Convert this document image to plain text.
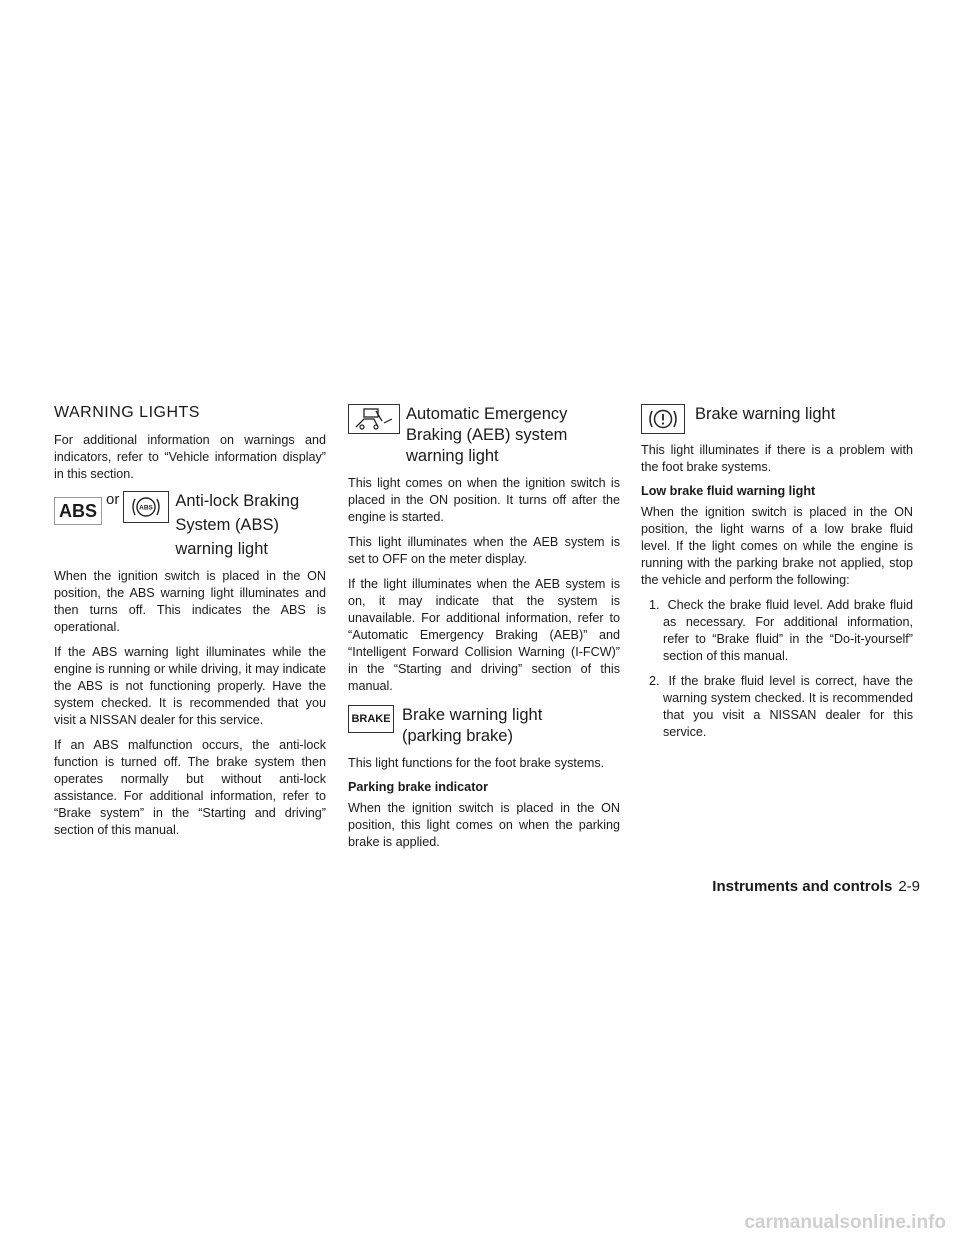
WARNING LIGHTS

For additional information on warnings and indicators, refer to “Vehicle information display” in this section.

ABS
or	ABS Anti-lock Braking
System (ABS)
warning light

When the ignition switch is placed in the ON position, the ABS warning light illuminates and then turns off. This indicates the ABS is operational.

If the ABS warning light illuminates while the engine is running or while driving, it may indicate the ABS is not functioning properly. Have the system checked. It is recommended that you visit a NISSAN dealer for this service.

If an ABS malfunction occurs, the anti-lock function is turned off. The brake system then operates normally but without anti-lock assistance. For additional information, refer to “Brake system” in the “Starting and driving” section of this manual.

Automatic Emergency
Braking (AEB) system
warning light

This light comes on when the ignition switch is placed in the ON position. It turns off after the engine is started.

This light illuminates when the AEB system is set to OFF on the meter display.

If the light illuminates when the AEB system is on, it may indicate that the system is unavailable. For additional information, refer to “Automatic Emergency Braking (AEB)” and “Intelligent Forward Collision Warning (I-FCW)” in the “Starting and driving” section of this manual.

BRAKE Brake warning light
(parking brake)

This light functions for the foot brake systems.

Parking brake indicator

When the ignition switch is placed in the ON position, this light comes on when the parking brake is applied.

Brake warning light

This light illuminates if there is a problem with the foot brake systems.

Low brake fluid warning light

When the ignition switch is placed in the ON position, the light warns of a low brake fluid level. If the light comes on while the engine is running with the parking brake not applied, stop the vehicle and perform the following:

1. Check the brake fluid level. Add brake fluid as necessary. For additional information, refer to “Brake fluid” in the “Do-it-yourself” section of this manual.
2. If the brake fluid level is correct, have the warning system checked. It is recommended that you visit a NISSAN dealer for this service.
Instruments and controls 2-9
carmanualsonline.info
